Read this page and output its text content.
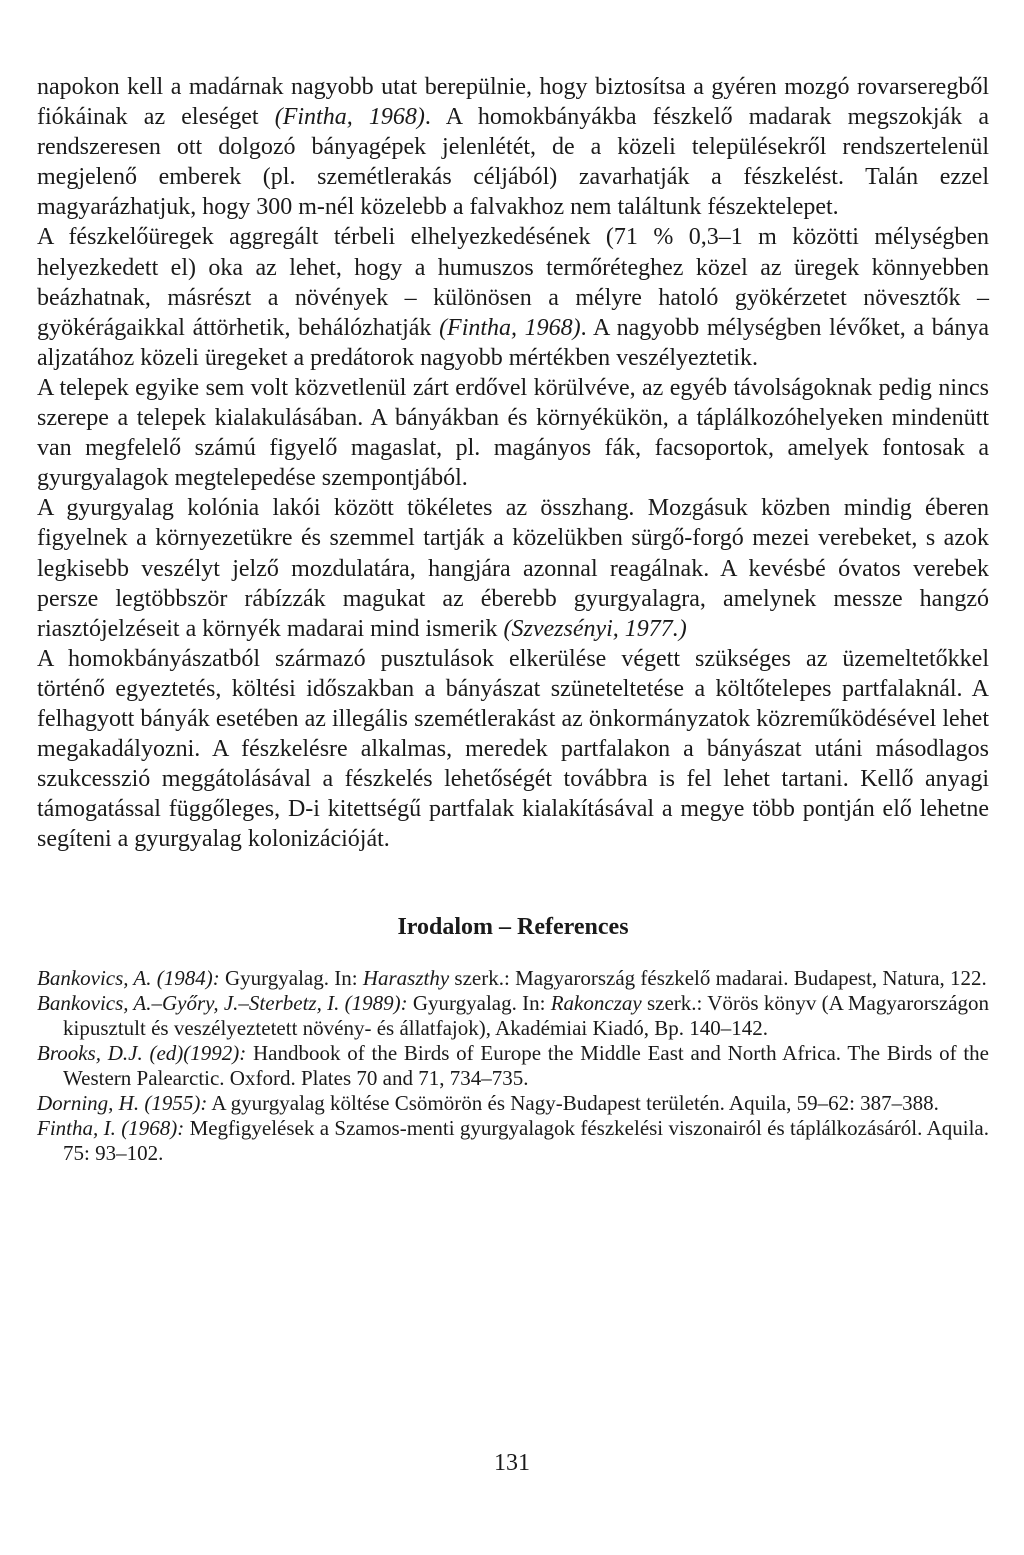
napokon kell a madárnak nagyobb utat berepülnie, hogy biztosítsa a gyéren mozgó rovarseregből fiókáinak az eleséget (Fintha, 1968). A homokbányákba fészkelő madarak megszokják a rendszeresen ott dolgozó bányagépek jelenlétét, de a közeli településekről rendszertelenül megjelenő emberek (pl. szemétlerakás céljából) zavarhatják a fészkelést. Talán ezzel magyarázhatjuk, hogy 300 m-nél közelebb a falvakhoz nem találtunk fészektelepet.

A fészkelőüregek aggregált térbeli elhelyezkedésének (71 % 0,3–1 m közötti mélységben helyezkedett el) oka az lehet, hogy a humuszos termőréteghez közel az üregek könnyebben beázhatnak, másrészt a növények – különösen a mélyre hatoló gyökérzetet növesztők – gyökérágaikkal áttörhetik, behálózhatják (Fintha, 1968). A nagyobb mélységben lévőket, a bánya aljzatához közeli üregeket a predátorok nagyobb mértékben veszélyeztetik.

A telepek egyike sem volt közvetlenül zárt erdővel körülvéve, az egyéb távolságoknak pedig nincs szerepe a telepek kialakulásában. A bányákban és környékükön, a táplálkozóhelyeken mindenütt van megfelelő számú figyelő magaslat, pl. magányos fák, facsoportok, amelyek fontosak a gyurgyalagok megtelepedése szempontjából.

A gyurgyalag kolónia lakói között tökéletes az összhang. Mozgásuk közben mindig éberen figyelnek a környezetükre és szemmel tartják a közelükben sürgő-forgó mezei verebeket, s azok legkisebb veszélyt jelző mozdulatára, hangjára azonnal reagálnak. A kevésbé óvatos verebek persze legtöbbször rábízzák magukat az éberebb gyurgyalagra, amelynek messze hangzó riasztójelzéseit a környék madarai mind ismerik (Szvezsényi, 1977.)

A homokbányászatból származó pusztulások elkerülése végett szükséges az üzemeltetőkkel történő egyeztetés, költési időszakban a bányászat szüneteltetése a költőtelepes partfalaknál. A felhagyott bányák esetében az illegális szemétlerakást az önkormányzatok közreműködésével lehet megakadályozni. A fészkelésre alkalmas, meredek partfalakon a bányászat utáni másodlagos szukcesszió meggátolásával a fészkelés lehetőségét továbbra is fel lehet tartani. Kellő anyagi támogatással függőleges, D-i kitettségű partfalak kialakításával a megye több pontján elő lehetne segíteni a gyurgyalag kolonizációját.

Irodalom – References

Bankovics, A. (1984): Gyurgyalag. In: Haraszthy szerk.: Magyarország fészkelő madarai. Budapest, Natura, 122.

Bankovics, A.–Győry, J.–Sterbetz, I. (1989): Gyurgyalag. In: Rakonczay szerk.: Vörös könyv (A Magyarországon kipusztult és veszélyeztetett növény- és állatfajok), Akadémiai Kiadó, Bp. 140–142.

Brooks, D.J. (ed)(1992): Handbook of the Birds of Europe the Middle East and North Africa. The Birds of the Western Palearctic. Oxford. Plates 70 and 71, 734–735.

Dorning, H. (1955): A gyurgyalag költése Csömörön és Nagy-Budapest területén. Aquila, 59–62: 387–388.

Fintha, I. (1968): Megfigyelések a Szamos-menti gyurgyalagok fészkelési viszonairól és táplálkozásáról. Aquila. 75: 93–102.

131
